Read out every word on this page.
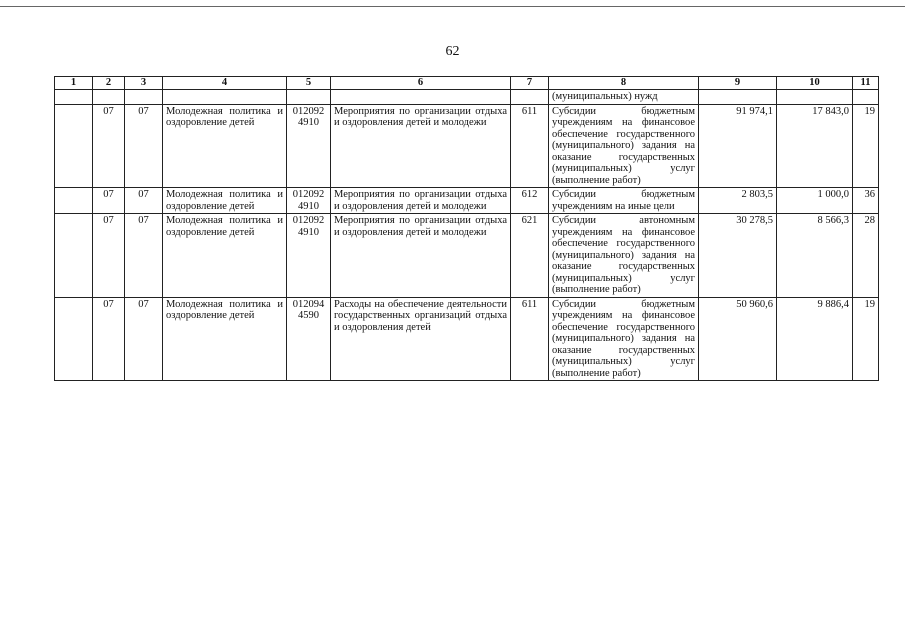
62
1	2	3	4	5	6	7	8	9	10	11
							(муниципальных) нужд			
	07	07	Молодежная политика и оздоровление детей	012092 4910	Мероприятия по организации отдыха и оздоровления детей и молодежи	611	Субсидии бюджетным учреждениям на финансовое обеспечение государственного (муниципального) задания на оказание государственных (муниципальных) услуг (выполнение работ)	91 974,1	17 843,0	19
	07	07	Молодежная политика и оздоровление детей	012092 4910	Мероприятия по организации отдыха и оздоровления детей и молодежи	612	Субсидии бюджетным учреждениям на иные цели	2 803,5	1 000,0	36
	07	07	Молодежная политика и оздоровление детей	012092 4910	Мероприятия по организации отдыха и оздоровления детей и молодежи	621	Субсидии автономным учреждениям на финансовое обеспечение государственного (муниципального) задания на оказание государственных (муниципальных) услуг (выполнение работ)	30 278,5	8 566,3	28
	07	07	Молодежная политика и оздоровление детей	012094 4590	Расходы на обеспечение деятельности государственных организаций отдыха и оздоровления детей	611	Субсидии бюджетным учреждениям на финансовое обеспечение государственного (муниципального) задания на оказание государственных (муниципальных) услуг (выполнение работ)	50 960,6	9 886,4	19
